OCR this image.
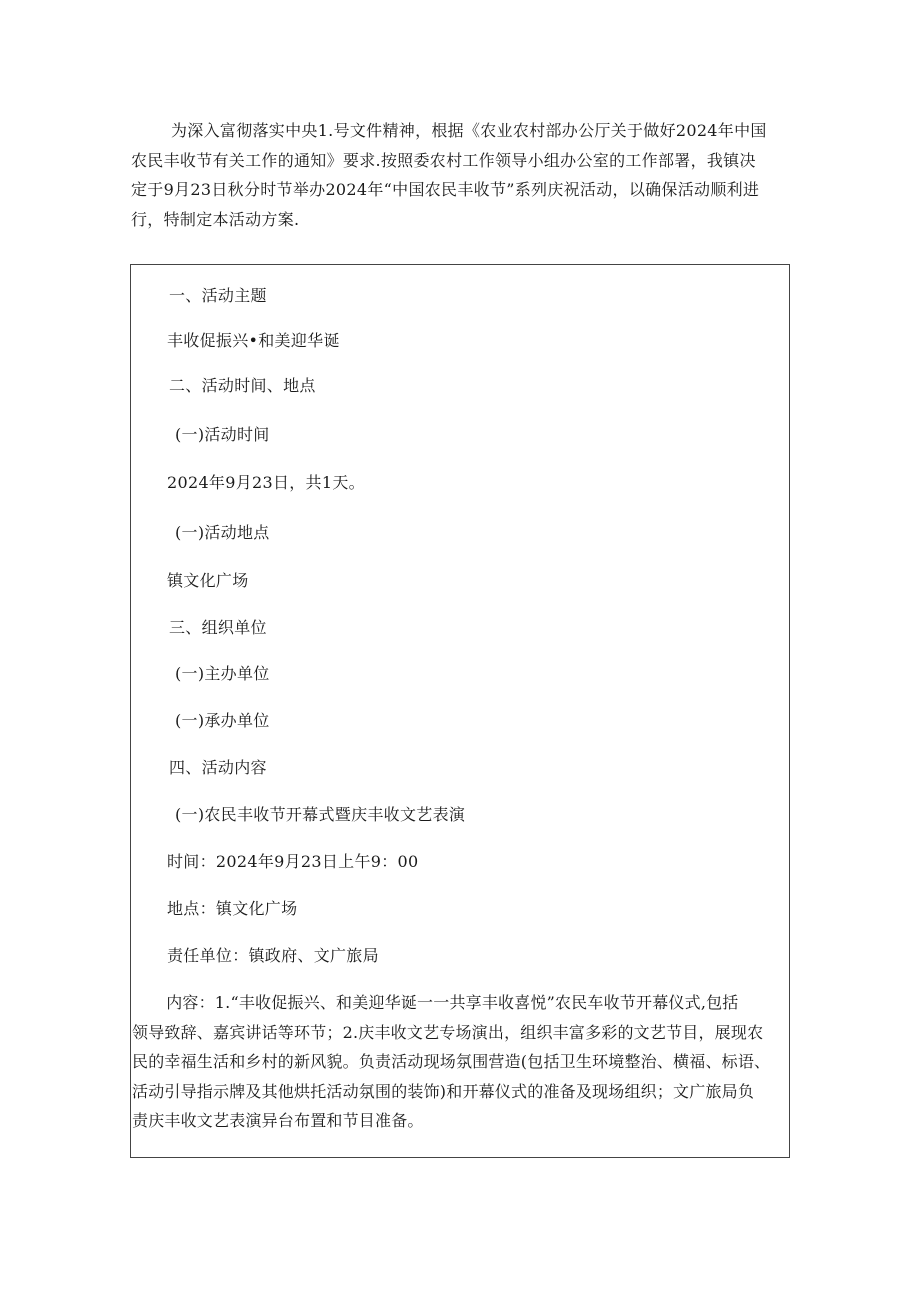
为深入富彻落实中央1.号文件精神，根据《农业农村部办公厅关于做好2024年中国
农民丰收节有关工作的通知》要求.按照委农村工作领导小组办公室的工作部署，我镇决
定于9月23日秋分时节举办2024年“中国农民丰收节”系列庆祝活动，以确保活动顺利进
行，特制定本活动方案.
一、活动主题
丰收促振兴•和美迎华诞
二、活动时间、地点
(一)活动时间
2024年9月23日，共1天。
(一)活动地点
镇文化广场
三、组织单位
(一)主办单位
(一)承办单位
四、活动内容
(一)农民丰收节开幕式暨庆丰收文艺表演
时间：2024年9月23日上午9：00
地点：镇文化广场
责任单位：镇政府、文广旅局
　内容：1.“丰收促振兴、和美迎华诞一一共享丰收喜悦”农民车收节开幕仪式,包括
领导致辞、嘉宾讲话等环节；2.庆丰收文艺专场演出，组织丰富多彩的文艺节目，展现农
民的幸福生活和乡村的新风貌。负责活动现场氛围营造(包括卫生环境整治、横福、标语、
活动引导指示牌及其他烘托活动氛围的装饰)和开幕仪式的准备及现场组织；文广旅局负
责庆丰收文艺表演异台布置和节目准备。
